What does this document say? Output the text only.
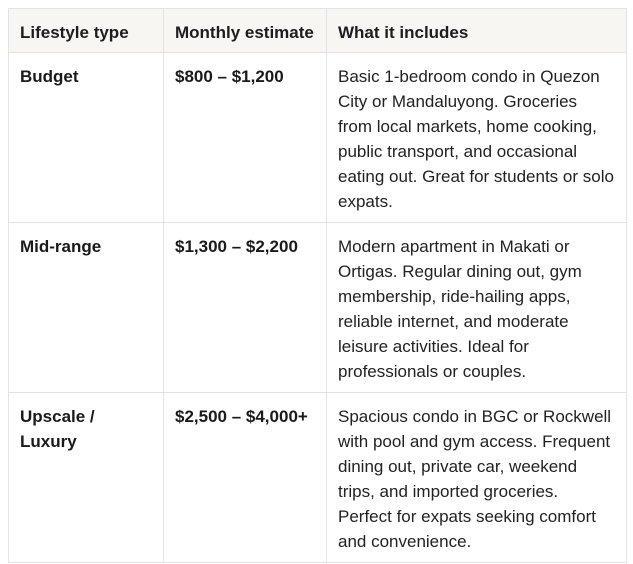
Lifestyle type	Monthly estimate	What it includes
Budget	$800 – $1,200	Basic 1-bedroom condo in Quezon City or Mandaluyong. Groceries from local markets, home cooking, public transport, and occasional eating out. Great for students or solo expats.
Mid-range	$1,300 – $2,200	Modern apartment in Makati or Ortigas. Regular dining out, gym membership, ride-hailing apps, reliable internet, and moderate leisure activities. Ideal for professionals or couples.
Upscale / Luxury	$2,500 – $4,000+	Spacious condo in BGC or Rockwell with pool and gym access. Frequent dining out, private car, weekend trips, and imported groceries. Perfect for expats seeking comfort and convenience.
